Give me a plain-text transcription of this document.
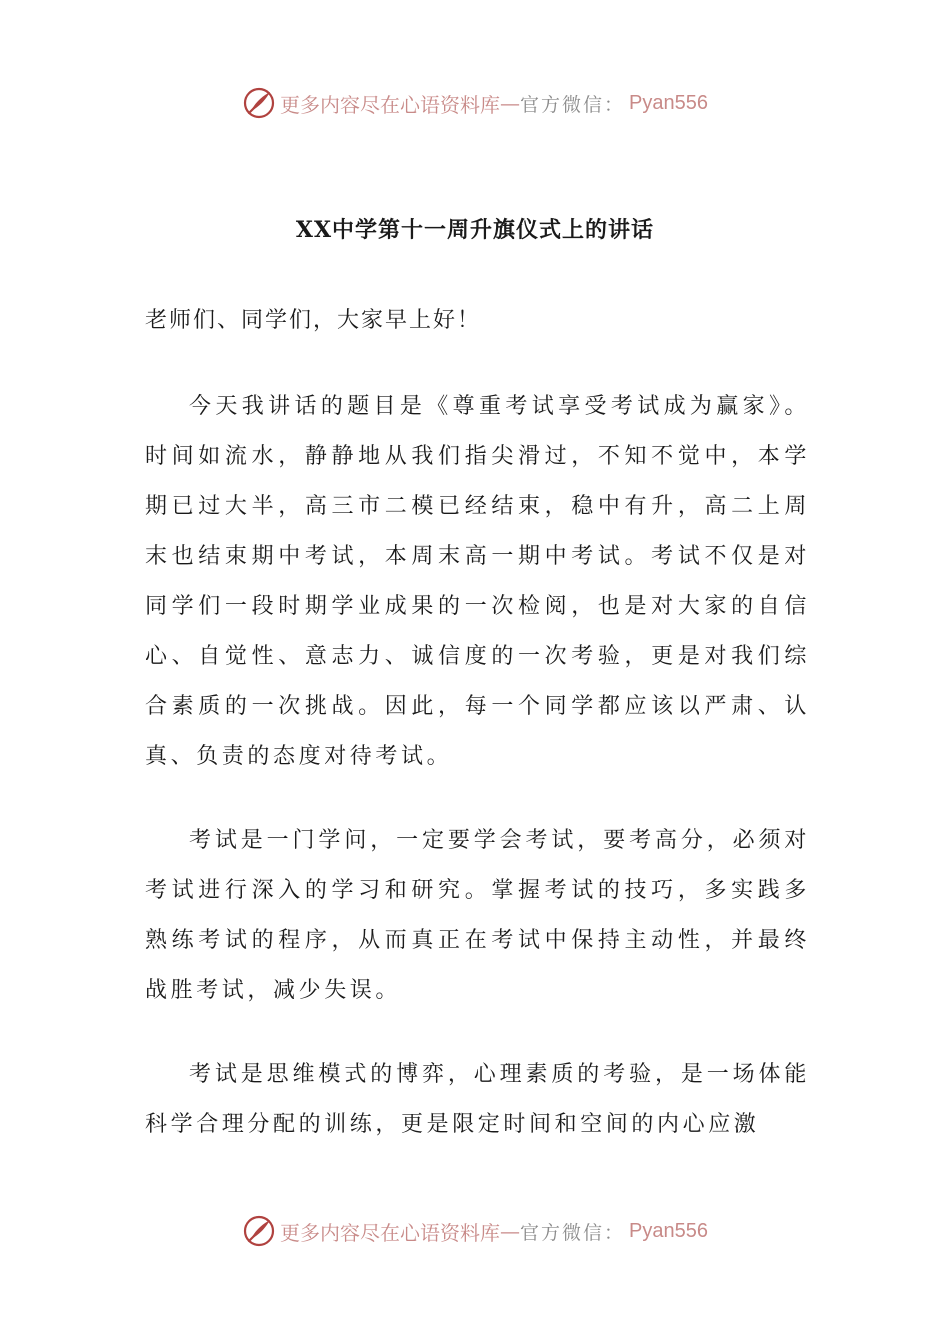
更多内容尽在心语资料库 — 官方微信： Pyan556
XX中学第十一周升旗仪式上的讲话

老师们、同学们，大家早上好！

今天我讲话的题目是《尊重考试享受考试成为赢家》。时间如流水，静静地从我们指尖滑过，不知不觉中，本学期已过大半，高三市二模已经结束，稳中有升，高二上周末也结束期中考试，本周末高一期中考试。考试不仅是对同学们一段时期学业成果的一次检阅，也是对大家的自信心、自觉性、意志力、诚信度的一次考验，更是对我们综合素质的一次挑战。因此，每一个同学都应该以严肃、认真、负责的态度对待考试。

考试是一门学问，一定要学会考试，要考高分，必须对考试进行深入的学习和研究。掌握考试的技巧，多实践多熟练考试的程序，从而真正在考试中保持主动性，并最终战胜考试，减少失误。

考试是思维模式的博弈，心理素质的考验，是一场体能科学合理分配的训练，更是限定时间和空间的内心应激

更多内容尽在心语资料库 — 官方微信： Pyan556
